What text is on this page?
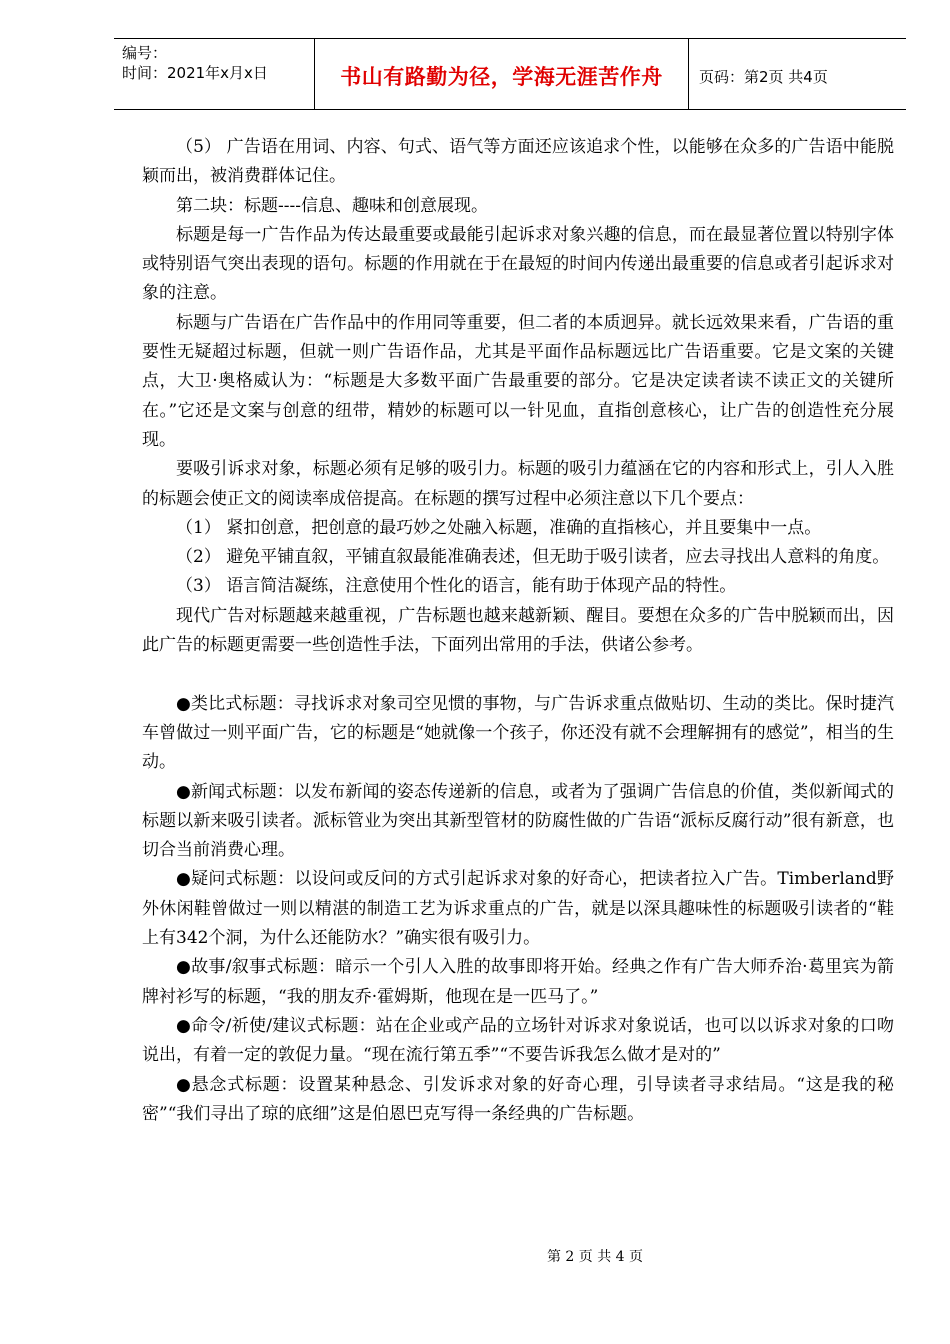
编号：
时间：2021年x月x日	书山有路勤为径，学海无涯苦作舟	页码：第2页 共4页

（5） 广告语在用词、内容、句式、语气等方面还应该追求个性，以能够在众多的广告语中能脱颖而出，被消费群体记住。

第二块：标题----信息、趣味和创意展现。

标题是每一广告作品为传达最重要或最能引起诉求对象兴趣的信息，而在最显著位置以特别字体或特别语气突出表现的语句。标题的作用就在于在最短的时间内传递出最重要的信息或者引起诉求对象的注意。

标题与广告语在广告作品中的作用同等重要，但二者的本质迥异。就长远效果来看，广告语的重要性无疑超过标题，但就一则广告语作品，尤其是平面作品标题远比广告语重要。它是文案的关键点，大卫·奥格威认为：“标题是大多数平面广告最重要的部分。它是决定读者读不读正文的关键所在。”它还是文案与创意的纽带，精妙的标题可以一针见血，直指创意核心，让广告的创造性充分展现。

要吸引诉求对象，标题必须有足够的吸引力。标题的吸引力蕴涵在它的内容和形式上，引人入胜的标题会使正文的阅读率成倍提高。在标题的撰写过程中必须注意以下几个要点：

（1） 紧扣创意，把创意的最巧妙之处融入标题，准确的直指核心，并且要集中一点。

（2） 避免平铺直叙，平铺直叙最能准确表述，但无助于吸引读者，应去寻找出人意料的角度。

（3） 语言简洁凝练，注意使用个性化的语言，能有助于体现产品的特性。

现代广告对标题越来越重视，广告标题也越来越新颖、醒目。要想在众多的广告中脱颖而出，因此广告的标题更需要一些创造性手法，下面列出常用的手法，供诸公参考。

●类比式标题：寻找诉求对象司空见惯的事物，与广告诉求重点做贴切、生动的类比。保时捷汽车曾做过一则平面广告，它的标题是“她就像一个孩子，你还没有就不会理解拥有的感觉”，相当的生动。

●新闻式标题：以发布新闻的姿态传递新的信息，或者为了强调广告信息的价值，类似新闻式的标题以新来吸引读者。派标管业为突出其新型管材的防腐性做的广告语“派标反腐行动”很有新意，也切合当前消费心理。

●疑问式标题：以设问或反问的方式引起诉求对象的好奇心，把读者拉入广告。Timberland野外休闲鞋曾做过一则以精湛的制造工艺为诉求重点的广告，就是以深具趣味性的标题吸引读者的“鞋上有342个洞，为什么还能防水？”确实很有吸引力。

●故事/叙事式标题：暗示一个引人入胜的故事即将开始。经典之作有广告大师乔治·葛里宾为箭牌衬衫写的标题，“我的朋友乔·霍姆斯，他现在是一匹马了。”

●命令/祈使/建议式标题：站在企业或产品的立场针对诉求对象说话，也可以以诉求对象的口吻说出，有着一定的敦促力量。“现在流行第五季”“不要告诉我怎么做才是对的”

●悬念式标题：设置某种悬念、引发诉求对象的好奇心理，引导读者寻求结局。“这是我的秘密”“我们寻出了琼的底细”这是伯恩巴克写得一条经典的广告标题。

第 2 页 共 4 页
